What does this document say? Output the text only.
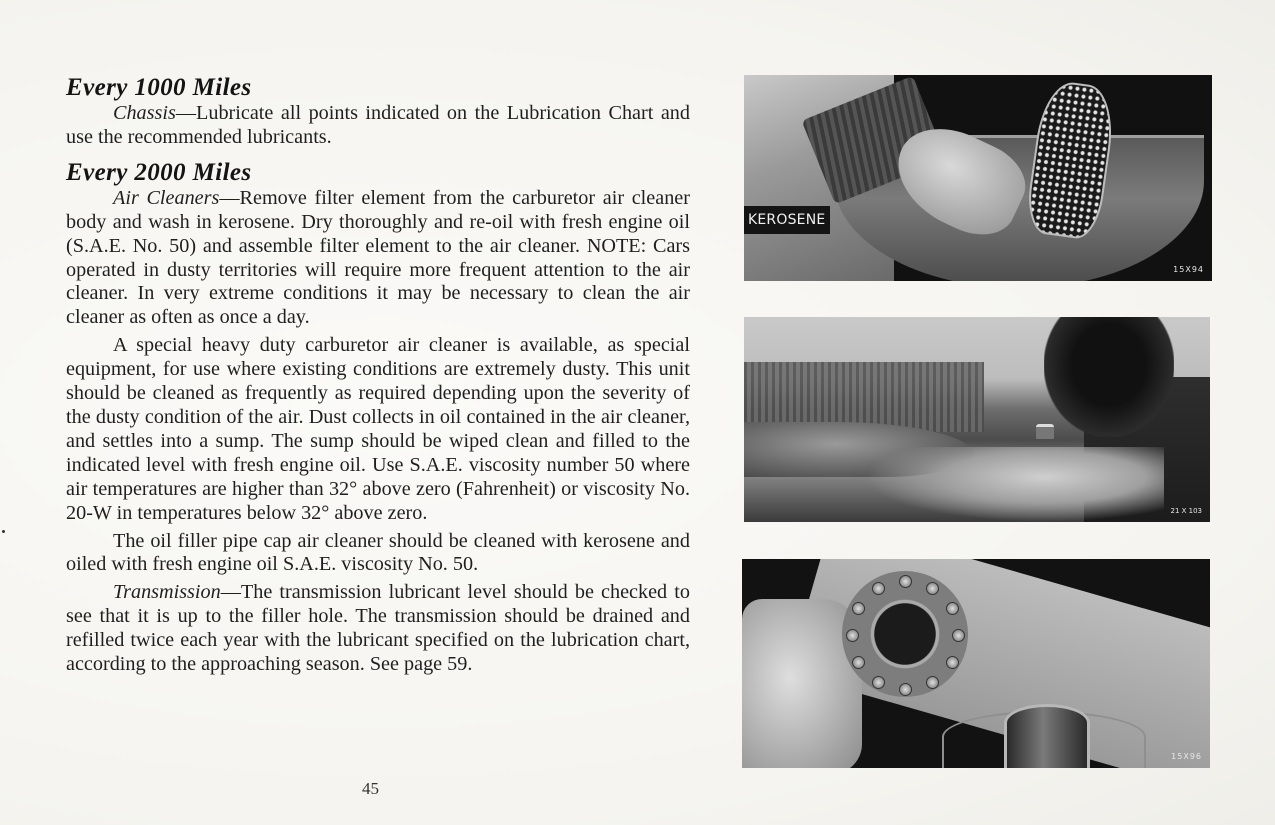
Every 1000 Miles

Chassis—Lubricate all points indicated on the Lubrication Chart and use the recommended lubricants.

Every 2000 Miles

Air Cleaners—Remove filter element from the carburetor air cleaner body and wash in kerosene. Dry thoroughly and re-oil with fresh engine oil (S.A.E. No. 50) and assemble filter element to the air cleaner. NOTE: Cars operated in dusty territories will require more frequent attention to the air cleaner. In very extreme conditions it may be necessary to clean the air cleaner as often as once a day.

A special heavy duty carburetor air cleaner is available, as special equipment, for use where existing conditions are extremely dusty. This unit should be cleaned as frequently as required depending upon the severity of the dusty condition of the air. Dust collects in oil contained in the air cleaner, and settles into a sump. The sump should be wiped clean and filled to the indicated level with fresh engine oil. Use S.A.E. viscosity number 50 where air temperatures are higher than 32° above zero (Fahrenheit) or viscosity No. 20-W in temperatures below 32° above zero.

The oil filler pipe cap air cleaner should be cleaned with kerosene and oiled with fresh engine oil S.A.E. viscosity No. 50.

Transmission—The transmission lubricant level should be checked to see that it is up to the filler hole. The transmission should be drained and refilled twice each year with the lubricant specified on the lubrication chart, according to the approaching season. See page 59.

45
KEROSENE
15X94
21 X 103
15X96
